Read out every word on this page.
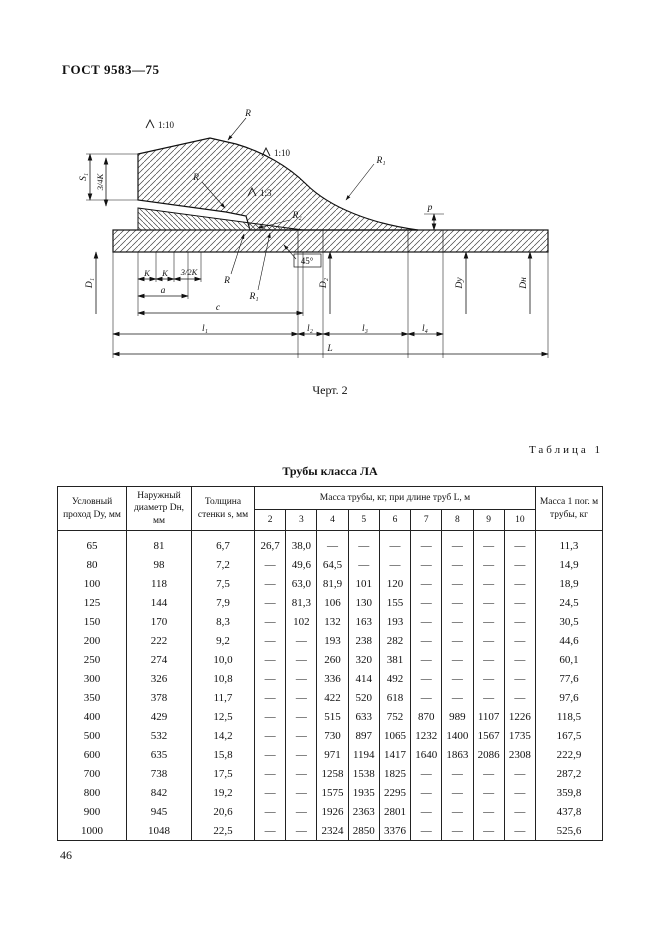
ГОСТ 9583—75
1:10
R
1:10
R₁
1:3
R
R₂
R
R₁
45°
p
S₁ 3/4K
D₁	D₂	Dу	Dн
K K 3/2K
a
c
l₁	l₂	l₃	l₄
L
Черт. 2
Таблица 1
Трубы класса ЛА
Условный проход Dу, мм	Наружный диаметр Dн, мм	Толщина стенки s, мм	Масса трубы, кг, при длине труб L, м									Масса 1 пог. м трубы, кг
			2	3	4	5	6	7	8	9	10	
65	81	6,7	26,7	38,0	—	—	—	—	—	—	—	11,3
80	98	7,2	—	49,6	64,5	—	—	—	—	—	—	14,9
100	118	7,5	—	63,0	81,9	101	120	—	—	—	—	18,9
125	144	7,9	—	81,3	106	130	155	—	—	—	—	24,5
150	170	8,3	—	102	132	163	193	—	—	—	—	30,5
200	222	9,2	—	—	193	238	282	—	—	—	—	44,6
250	274	10,0	—	—	260	320	381	—	—	—	—	60,1
300	326	10,8	—	—	336	414	492	—	—	—	—	77,6
350	378	11,7	—	—	422	520	618	—	—	—	—	97,6
400	429	12,5	—	—	515	633	752	870	989	1107	1226	118,5
500	532	14,2	—	—	730	897	1065	1232	1400	1567	1735	167,5
600	635	15,8	—	—	971	1194	1417	1640	1863	2086	2308	222,9
700	738	17,5	—	—	1258	1538	1825	—	—	—	—	287,2
800	842	19,2	—	—	1575	1935	2295	—	—	—	—	359,8
900	945	20,6	—	—	1926	2363	2801	—	—	—	—	437,8
1000	1048	22,5	—	—	2324	2850	3376	—	—	—	—	525,6
46
